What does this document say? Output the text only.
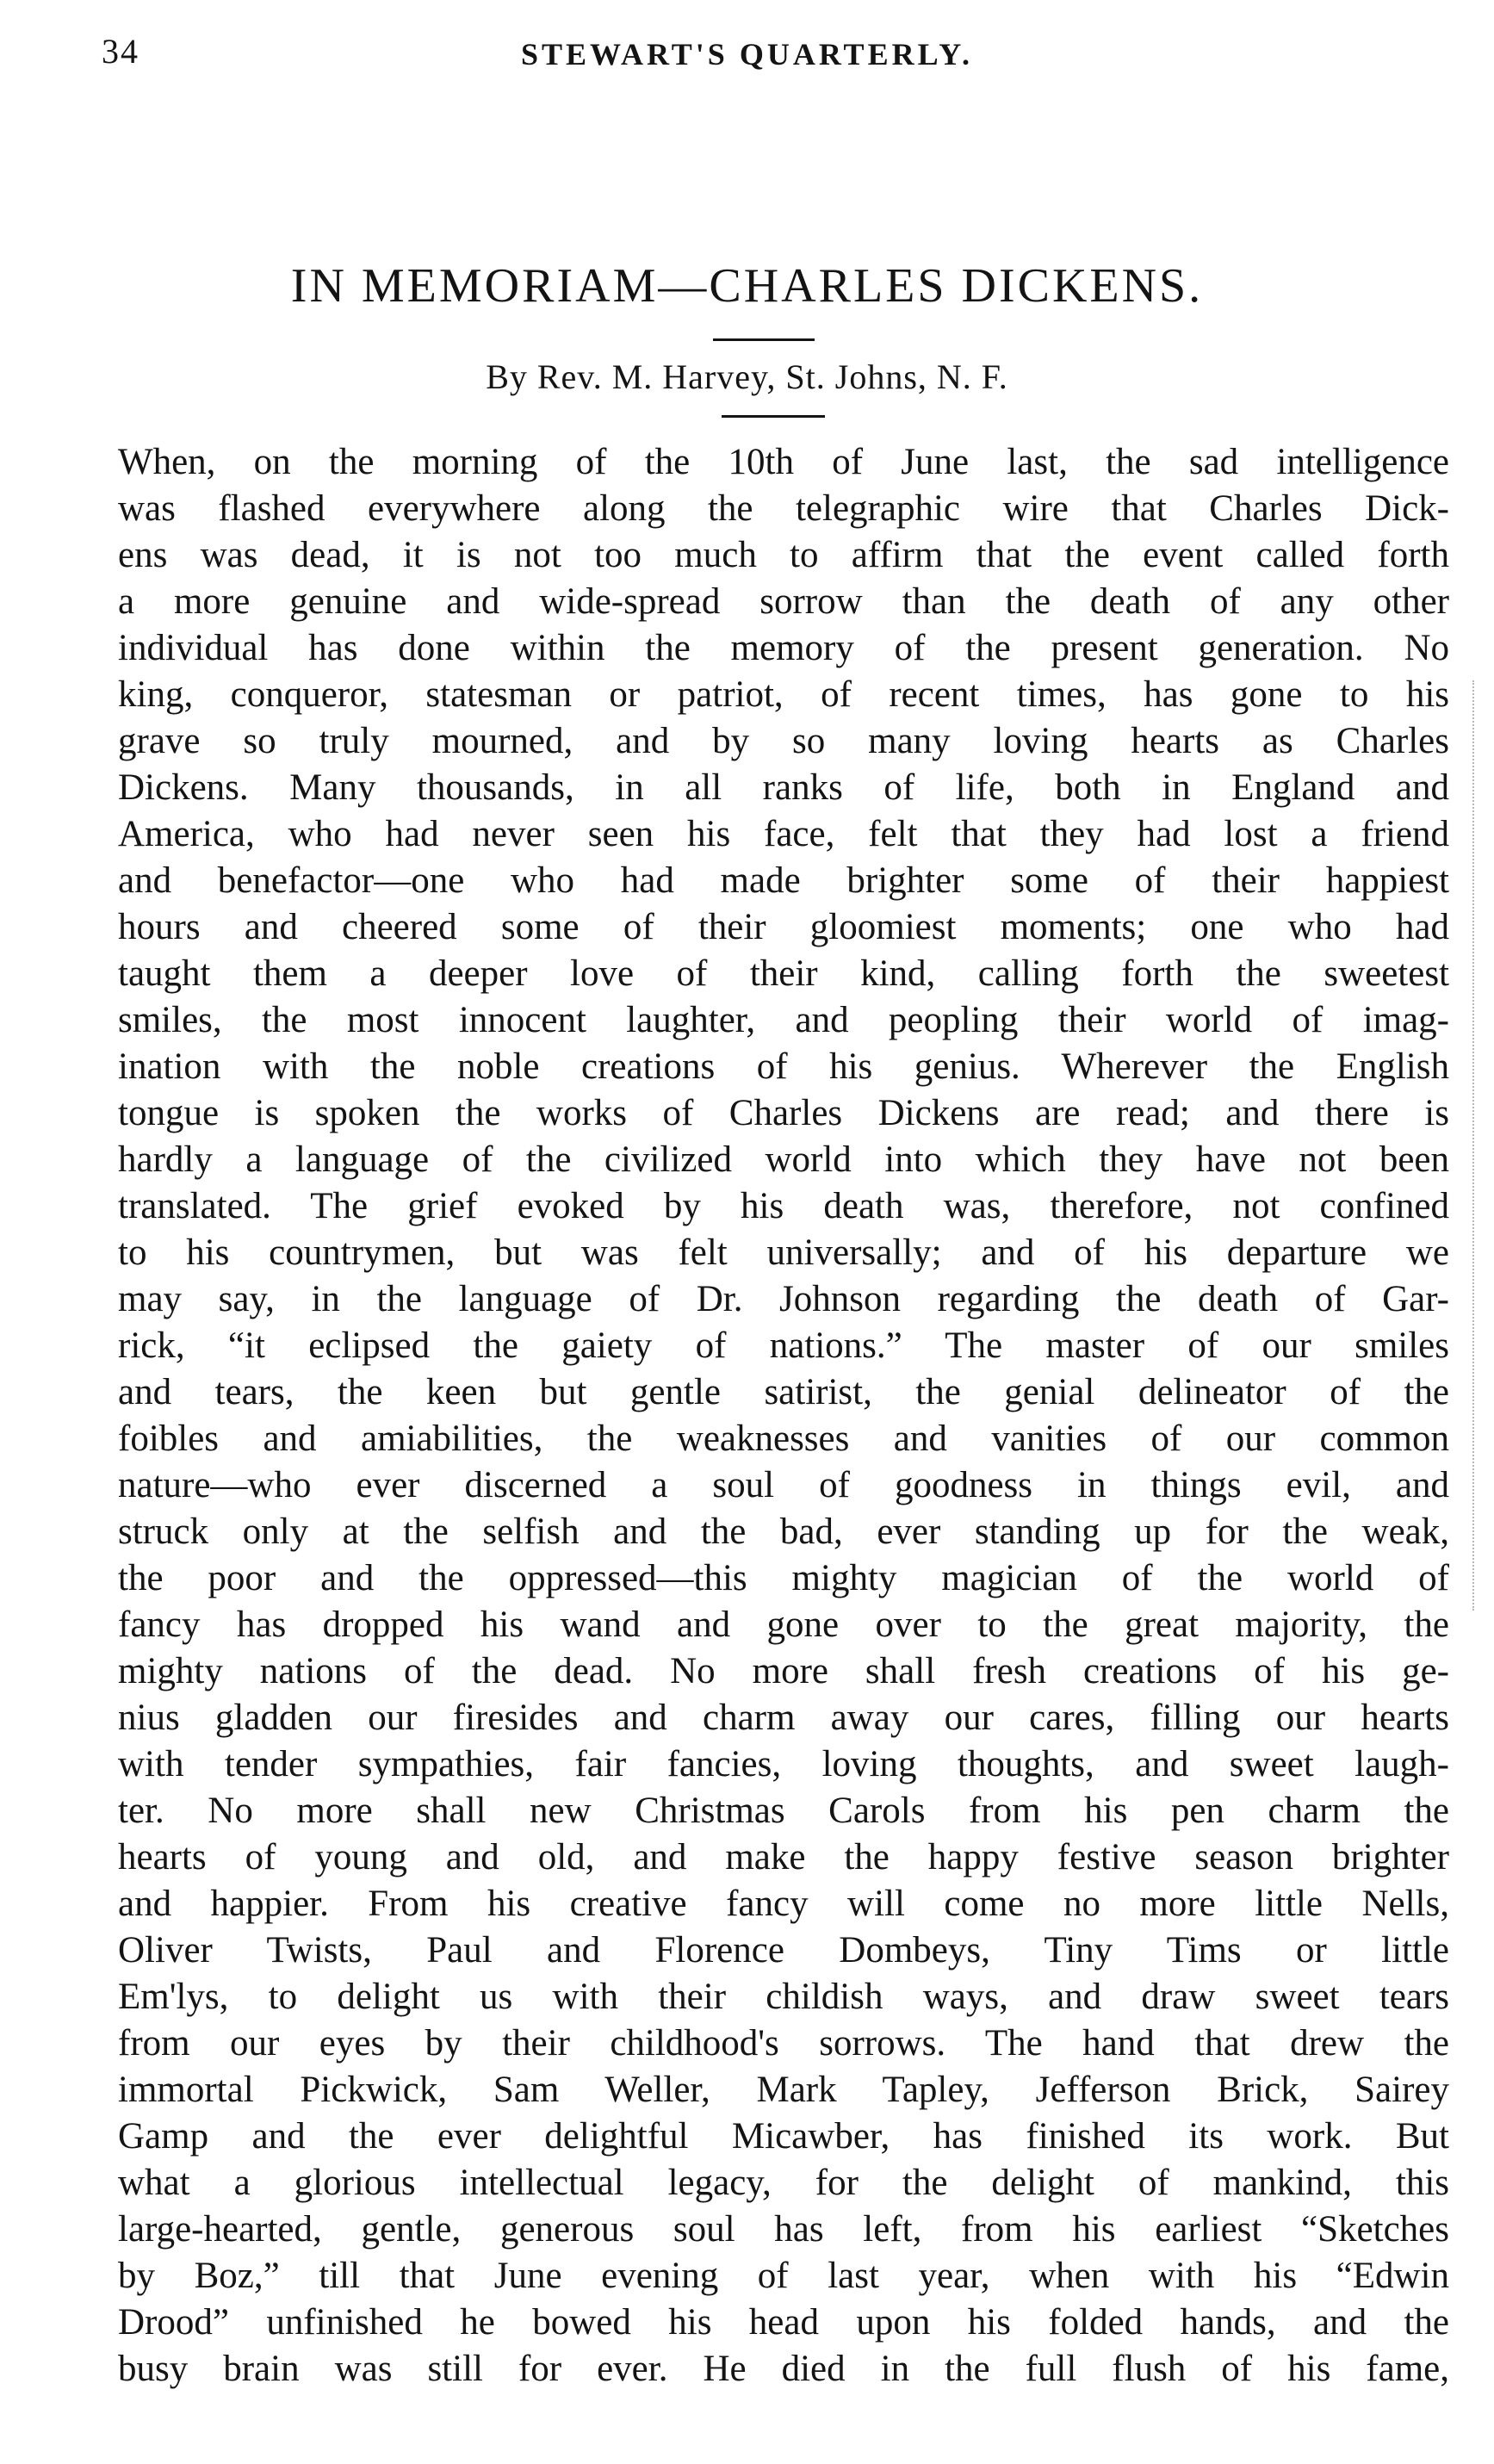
34	STEWART'S QUARTERLY.
IN MEMORIAM—CHARLES DICKENS.
By Rev. M. Harvey, St. Johns, N. F.
When, on the morning of the 10th of June last, the sad intelligence
was flashed everywhere along the telegraphic wire that Charles Dick-
ens was dead, it is not too much to affirm that the event called forth
a more genuine and wide-spread sorrow than the death of any other
individual has done within the memory of the present generation. No
king, conqueror, statesman or patriot, of recent times, has gone to his
grave so truly mourned, and by so many loving hearts as Charles
Dickens. Many thousands, in all ranks of life, both in England and
America, who had never seen his face, felt that they had lost a friend
and benefactor—one who had made brighter some of their happiest
hours and cheered some of their gloomiest moments; one who had
taught them a deeper love of their kind, calling forth the sweetest
smiles, the most innocent laughter, and peopling their world of imag-
ination with the noble creations of his genius. Wherever the English
tongue is spoken the works of Charles Dickens are read; and there is
hardly a language of the civilized world into which they have not been
translated. The grief evoked by his death was, therefore, not confined
to his countrymen, but was felt universally; and of his departure we
may say, in the language of Dr. Johnson regarding the death of Gar-
rick, “it eclipsed the gaiety of nations.” The master of our smiles
and tears, the keen but gentle satirist, the genial delineator of the
foibles and amiabilities, the weaknesses and vanities of our common
nature—who ever discerned a soul of goodness in things evil, and
struck only at the selfish and the bad, ever standing up for the weak,
the poor and the oppressed—this mighty magician of the world of
fancy has dropped his wand and gone over to the great majority, the
mighty nations of the dead. No more shall fresh creations of his ge-
nius gladden our firesides and charm away our cares, filling our hearts
with tender sympathies, fair fancies, loving thoughts, and sweet laugh-
ter. No more shall new Christmas Carols from his pen charm the
hearts of young and old, and make the happy festive season brighter
and happier. From his creative fancy will come no more little Nells,
Oliver Twists, Paul and Florence Dombeys, Tiny Tims or little
Em'lys, to delight us with their childish ways, and draw sweet tears
from our eyes by their childhood's sorrows. The hand that drew the
immortal Pickwick, Sam Weller, Mark Tapley, Jefferson Brick, Sairey
Gamp and the ever delightful Micawber, has finished its work. But
what a glorious intellectual legacy, for the delight of mankind, this
large-hearted, gentle, generous soul has left, from his earliest “Sketches
by Boz,” till that June evening of last year, when with his “Edwin
Drood” unfinished he bowed his head upon his folded hands, and the
busy brain was still for ever. He died in the full flush of his fame,
